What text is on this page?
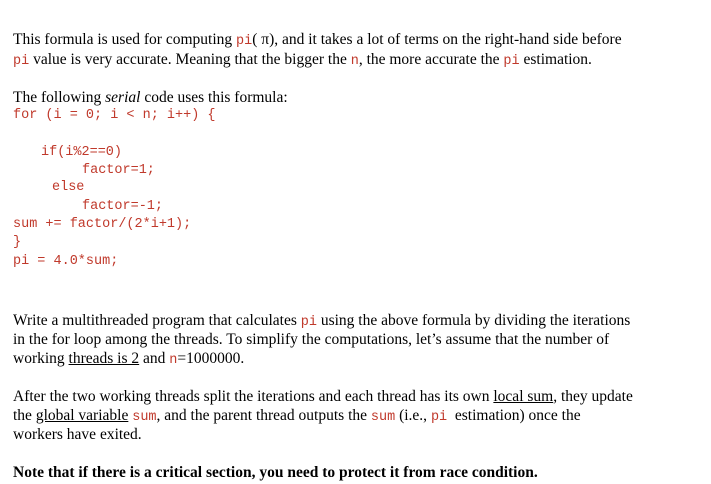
This formula is used for computing pi( π), and it takes a lot of terms on the right-hand side before
pi value is very accurate. Meaning that the bigger the n, the more accurate the pi estimation.
The following serial code uses this formula:
for (i = 0; i < n; i++) {
if(i%2==0)
factor=1;
else
factor=-1;
sum += factor/(2*i+1);
}
pi = 4.0*sum;
Write a multithreaded program that calculates pi using the above formula by dividing the iterations
in the for loop among the threads. To simplify the computations, let’s assume that the number of
working threads is 2 and n=1000000.
After the two working threads split the iterations and each thread has its own local sum, they update
the global variable sum, and the parent thread outputs the sum (i.e., pi  estimation) once the
workers have exited.
Note that if there is a critical section, you need to protect it from race condition.
